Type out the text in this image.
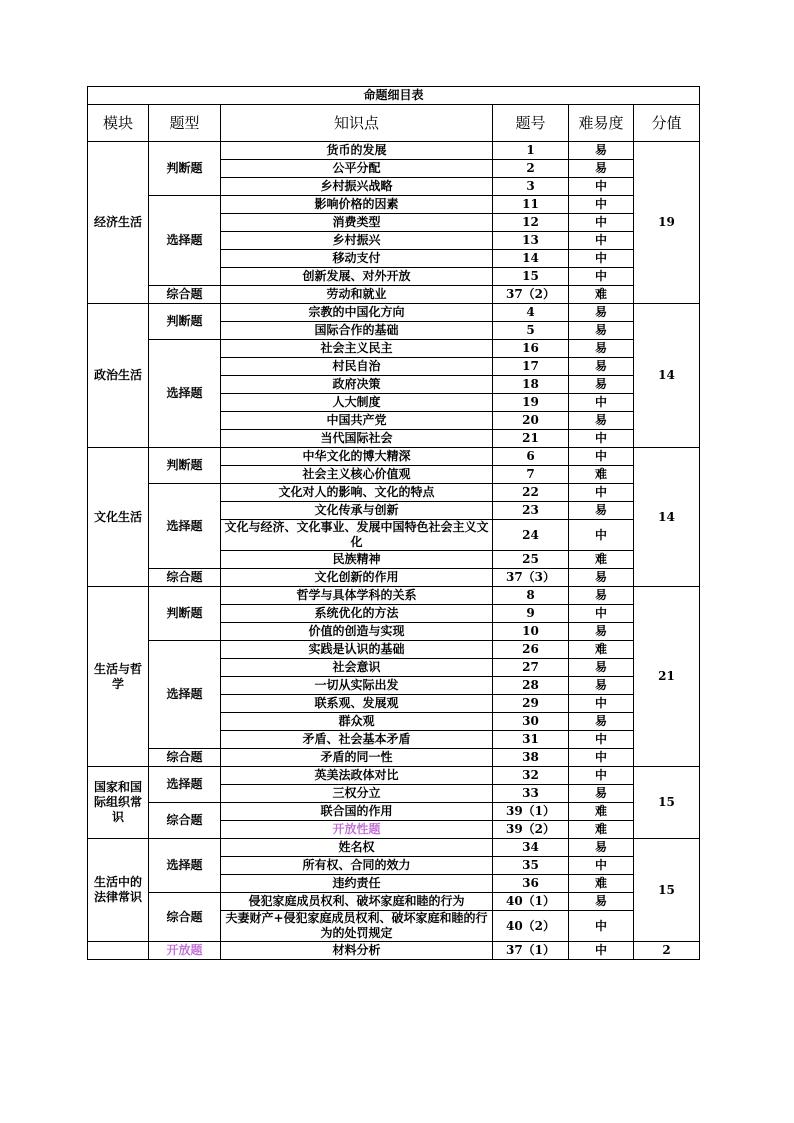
命题细目表					
模块	题型	知识点	题号	难易度	分值
经济生活	判断题	货币的发展	1	易	19
		公平分配	2	易	
		乡村振兴战略	3	中	
	选择题	影响价格的因素	11	中	
		消费类型	12	中	
		乡村振兴	13	中	
		移动支付	14	中	
		创新发展、对外开放	15	中	
	综合题	劳动和就业	37（2）	难	
政治生活	判断题	宗教的中国化方向	4	易	14
		国际合作的基础	5	易	
	选择题	社会主义民主	16	易	
		村民自治	17	易	
		政府决策	18	易	
		人大制度	19	中	
		中国共产党	20	易	
		当代国际社会	21	中	
文化生活	判断题	中华文化的博大精深	6	中	14
		社会主义核心价值观	7	难	
	选择题	文化对人的影响、文化的特点	22	中	
		文化传承与创新	23	易	
		文化与经济、文化事业、发展中国特色社会主义文化	24	中	
		民族精神	25	难	
	综合题	文化创新的作用	37（3）	易	
生活与哲学	判断题	哲学与具体学科的关系	8	易	21
		系统优化的方法	9	中	
		价值的创造与实现	10	易	
	选择题	实践是认识的基础	26	难	
		社会意识	27	易	
		一切从实际出发	28	易	
		联系观、发展观	29	中	
		群众观	30	易	
		矛盾、社会基本矛盾	31	中	
	综合题	矛盾的同一性	38	中	
国家和国际组织常识	选择题	英美法政体对比	32	中	15
		三权分立	33	易	
	综合题	联合国的作用	39（1）	难	
		开放性题	39（2）	难	
生活中的法律常识	选择题	姓名权	34	易	15
		所有权、合同的效力	35	中	
		违约责任	36	难	
	综合题	侵犯家庭成员权利、破坏家庭和睦的行为	40（1）	易	
		夫妻财产+侵犯家庭成员权利、破坏家庭和睦的行为的处罚规定	40（2）	中	
	开放题	材料分析	37（1）	中	2
